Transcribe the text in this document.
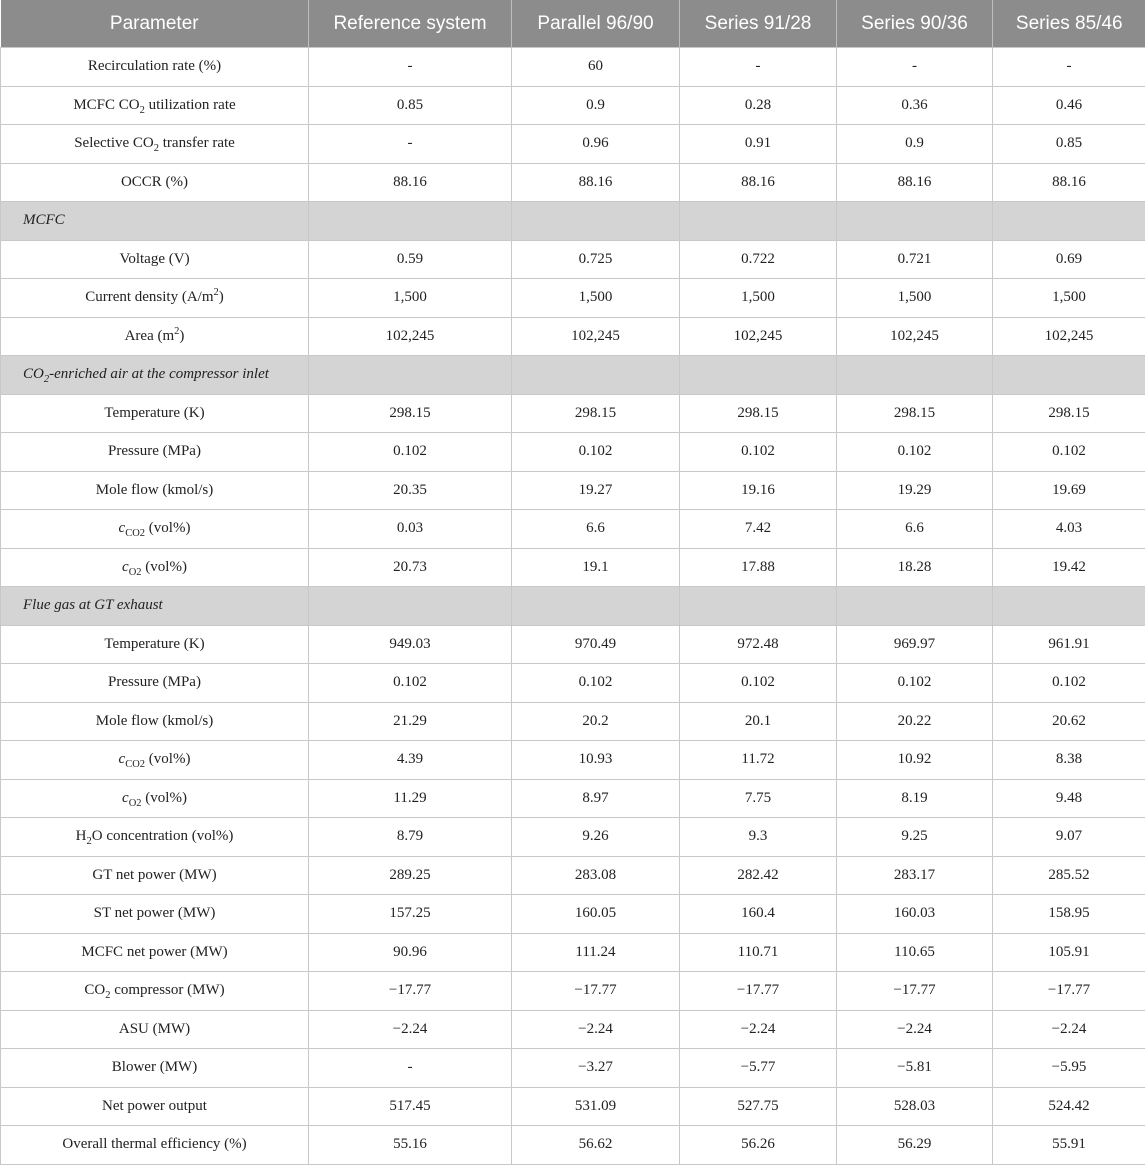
Parameter	Reference system	Parallel 96/90	Series 91/28	Series 90/36	Series 85/46
Recirculation rate (%)	-	60	-	-	-
MCFC $CO_2$ utilization rate	0.85	0.9	0.28	0.36	0.46
Selective $CO_2$ transfer rate	-	0.96	0.91	0.9	0.85
OCCR (%)	88.16	88.16	88.16	88.16	88.16
MCFC					
Voltage (V)	0.59	0.725	0.722	0.721	0.69
Current density $(A/m^2)$	1,500	1,500	1,500	1,500	1,500
Area $(m^2)$	102,245	102,245	102,245	102,245	102,245
$CO_2$-enriched air at the compressor inlet					
Temperature (K)	298.15	298.15	298.15	298.15	298.15
Pressure (MPa)	0.102	0.102	0.102	0.102	0.102
Mole flow (kmol/s)	20.35	19.27	19.16	19.29	19.69
$c_{CO2}$ (vol%)	0.03	6.6	7.42	6.6	4.03
$c_{O2}$ (vol%)	20.73	19.1	17.88	18.28	19.42
Flue gas at GT exhaust					
Temperature (K)	949.03	970.49	972.48	969.97	961.91
Pressure (MPa)	0.102	0.102	0.102	0.102	0.102
Mole flow (kmol/s)	21.29	20.2	20.1	20.22	20.62
$c_{CO2}$ (vol%)	4.39	10.93	11.72	10.92	8.38
$c_{O2}$ (vol%)	11.29	8.97	7.75	8.19	9.48
$H_2O$ concentration (vol%)	8.79	9.26	9.3	9.25	9.07
GT net power (MW)	289.25	283.08	282.42	283.17	285.52
ST net power (MW)	157.25	160.05	160.4	160.03	158.95
MCFC net power (MW)	90.96	111.24	110.71	110.65	105.91
$CO_2$ compressor (MW)	−17.77	−17.77	−17.77	−17.77	−17.77
ASU (MW)	−2.24	−2.24	−2.24	−2.24	−2.24
Blower (MW)	-	−3.27	−5.77	−5.81	−5.95
Net power output	517.45	531.09	527.75	528.03	524.42
Overall thermal efficiency (%)	55.16	56.62	56.26	56.29	55.91
